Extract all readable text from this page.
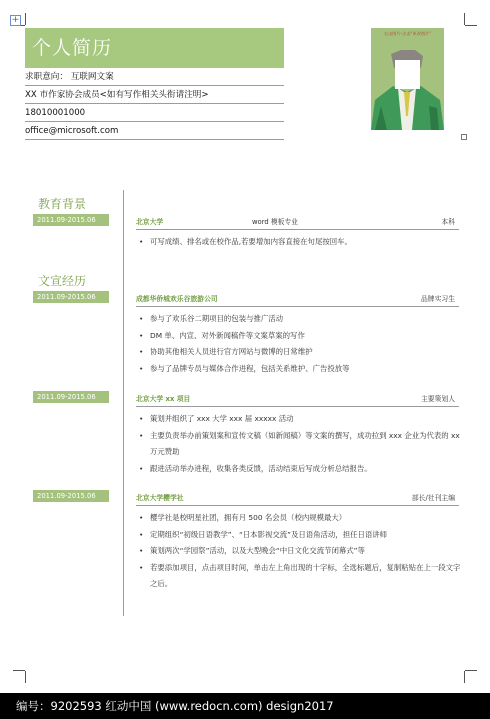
+
个人简历
求职意向： 互联网文案
XX 市作家协会成员<如有写作相关头衔请注明>
18010001000
office@microsoft.com
右击图片-点击"更改图片"
教育背景
2011.09-2015.06	北京大学	word 模板专业	本科
• 可写成绩、排名或在校作品,若要增加内容直接在句尾按回车。
文宣经历
2011.09-2015.06	成都华侨城欢乐谷旅游公司	品牌实习生
• 参与了欢乐谷二期项目的包装与推广活动
• DM 单、内宣、对外新闻稿件等文案草案的写作
• 协助其他相关人员进行官方网站与微博的日常维护
• 参与了品牌专员与媒体合作进程，包括关系维护、广告投放等
2011.09-2015.06	北京大学 xx 项目	主要策划人
• 策划并组织了 xxx 大学 xxx 届 xxxxx 活动
• 主要负责举办前策划案和宣传文稿（如新闻稿）等文案的撰写，成功拉到 xxx 企业为代表的 xx 万元赞助
• 跟进活动举办进程，收集各类反馈，活动结束后写成分析总结报告。
2011.09-2015.06	北京大学樱学社	部长/社刊主编
• 樱学社是校明星社团，拥有月 500 名会员（校内规模最大）
• 定期组织“初级日语教学”、“日本影视交流”及日语角活动，担任日语讲师
• 策划两次“学园祭”活动，以及大型晚会“中日文化交流节闭幕式”等
• 若要添加项目，点击项目时间，单击左上角出现的十字标，全选标题后，复制粘贴在上一段文字之后。
编号：9202593 红动中国 (www.redocn.com) design2017
